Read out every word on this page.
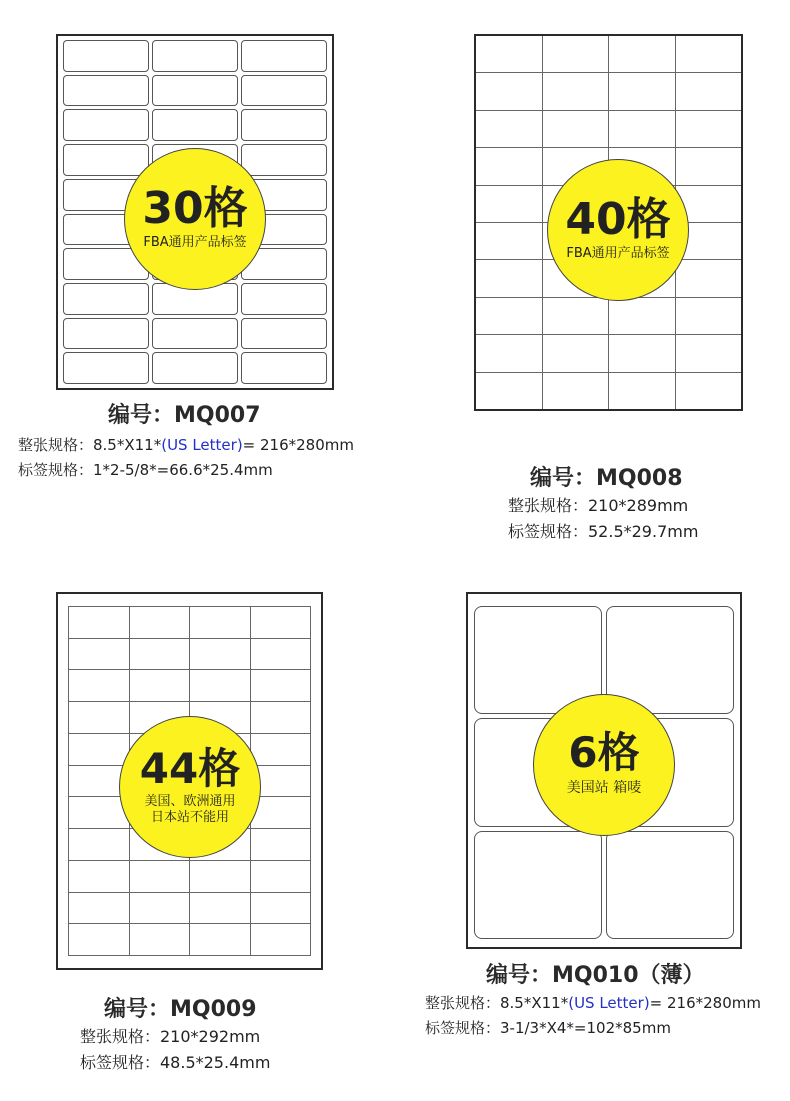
30格
FBA通用产品标签
编号：MQ007
整张规格：8.5*X11*(US Letter)= 216*280mm
标签规格：1*2-5/8*=66.6*25.4mm
40格
FBA通用产品标签
编号：MQ008
整张规格：210*289mm
标签规格：52.5*29.7mm
44格
美国、欧洲通用
日本站不能用
编号：MQ009
整张规格：210*292mm
标签规格：48.5*25.4mm
6格
美国站 箱唛
编号：MQ010（薄）
整张规格：8.5*X11*(US Letter)= 216*280mm
标签规格：3-1/3*X4*=102*85mm
